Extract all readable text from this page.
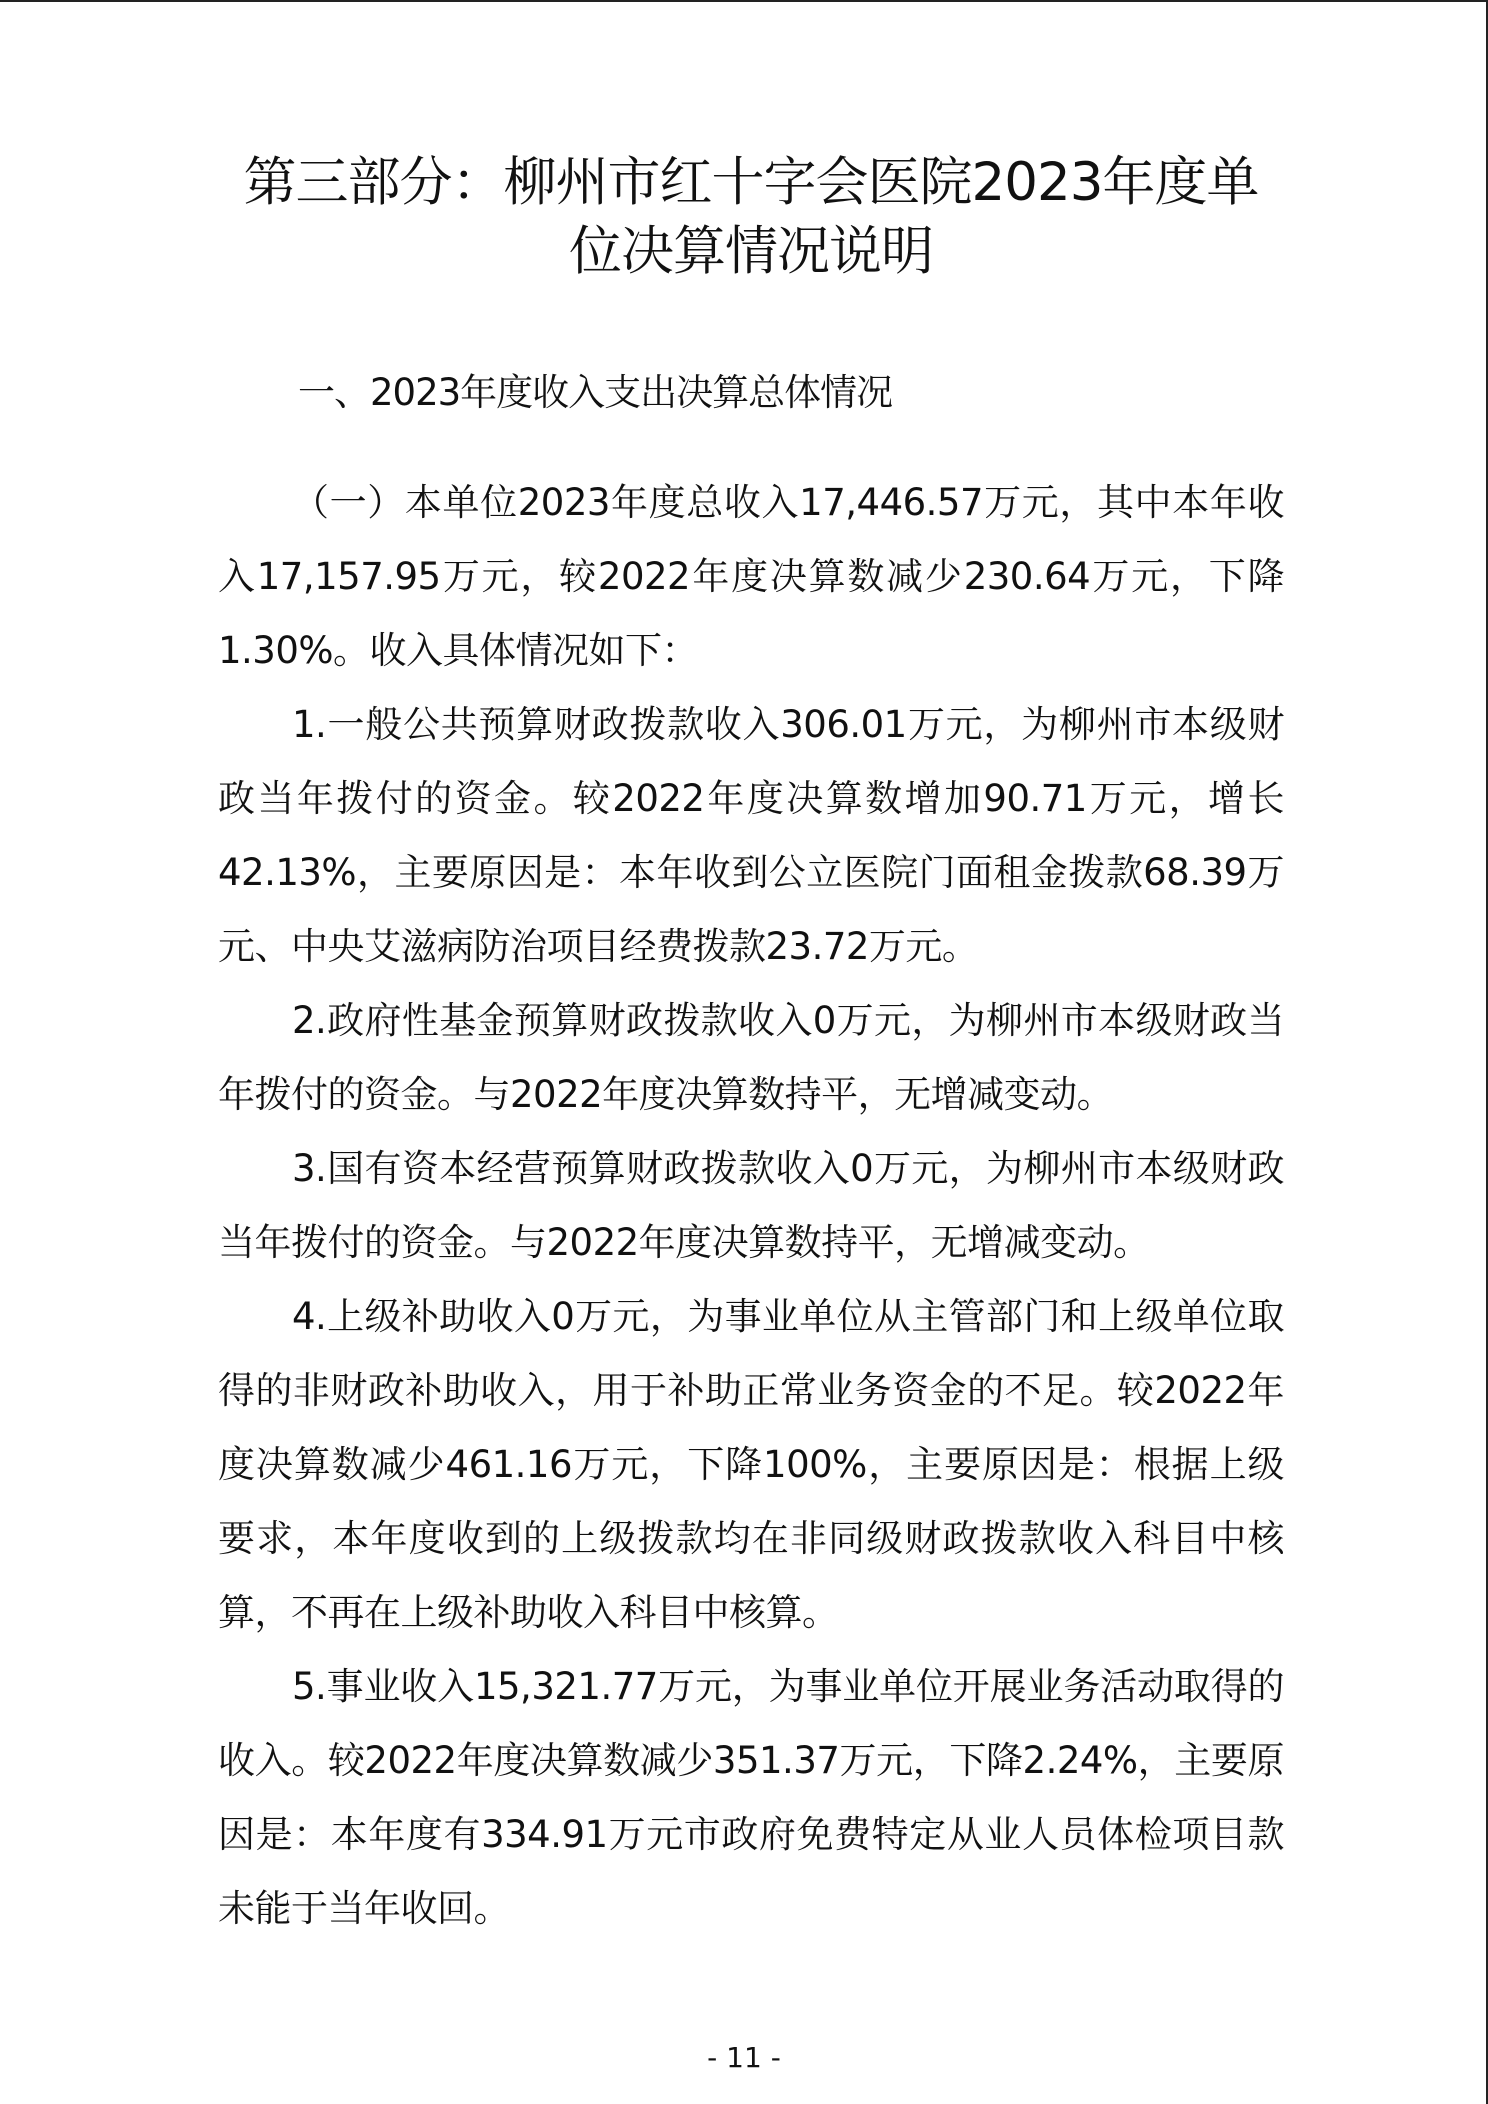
第三部分：柳州市红十字会医院2023年度单位决算情况说明
一、2023年度收入支出决算总体情况

（一）本单位2023年度总收入17,446.57万元，其中本年收入17,157.95万元，较2022年度决算数减少230.64万元，下降1.30%。收入具体情况如下：

1.一般公共预算财政拨款收入306.01万元，为柳州市本级财政当年拨付的资金。较2022年度决算数增加90.71万元，增长42.13%，主要原因是：本年收到公立医院门面租金拨款68.39万元、中央艾滋病防治项目经费拨款23.72万元。

2.政府性基金预算财政拨款收入0万元，为柳州市本级财政当年拨付的资金。与2022年度决算数持平，无增减变动。

3.国有资本经营预算财政拨款收入0万元，为柳州市本级财政当年拨付的资金。与2022年度决算数持平，无增减变动。

4.上级补助收入0万元，为事业单位从主管部门和上级单位取得的非财政补助收入，用于补助正常业务资金的不足。较2022年度决算数减少461.16万元，下降100%，主要原因是：根据上级要求，本年度收到的上级拨款均在非同级财政拨款收入科目中核算，不再在上级补助收入科目中核算。

5.事业收入15,321.77万元，为事业单位开展业务活动取得的收入。较2022年度决算数减少351.37万元，下降2.24%，主要原因是：本年度有334.91万元市政府免费特定从业人员体检项目款未能于当年收回。

- 11 -
